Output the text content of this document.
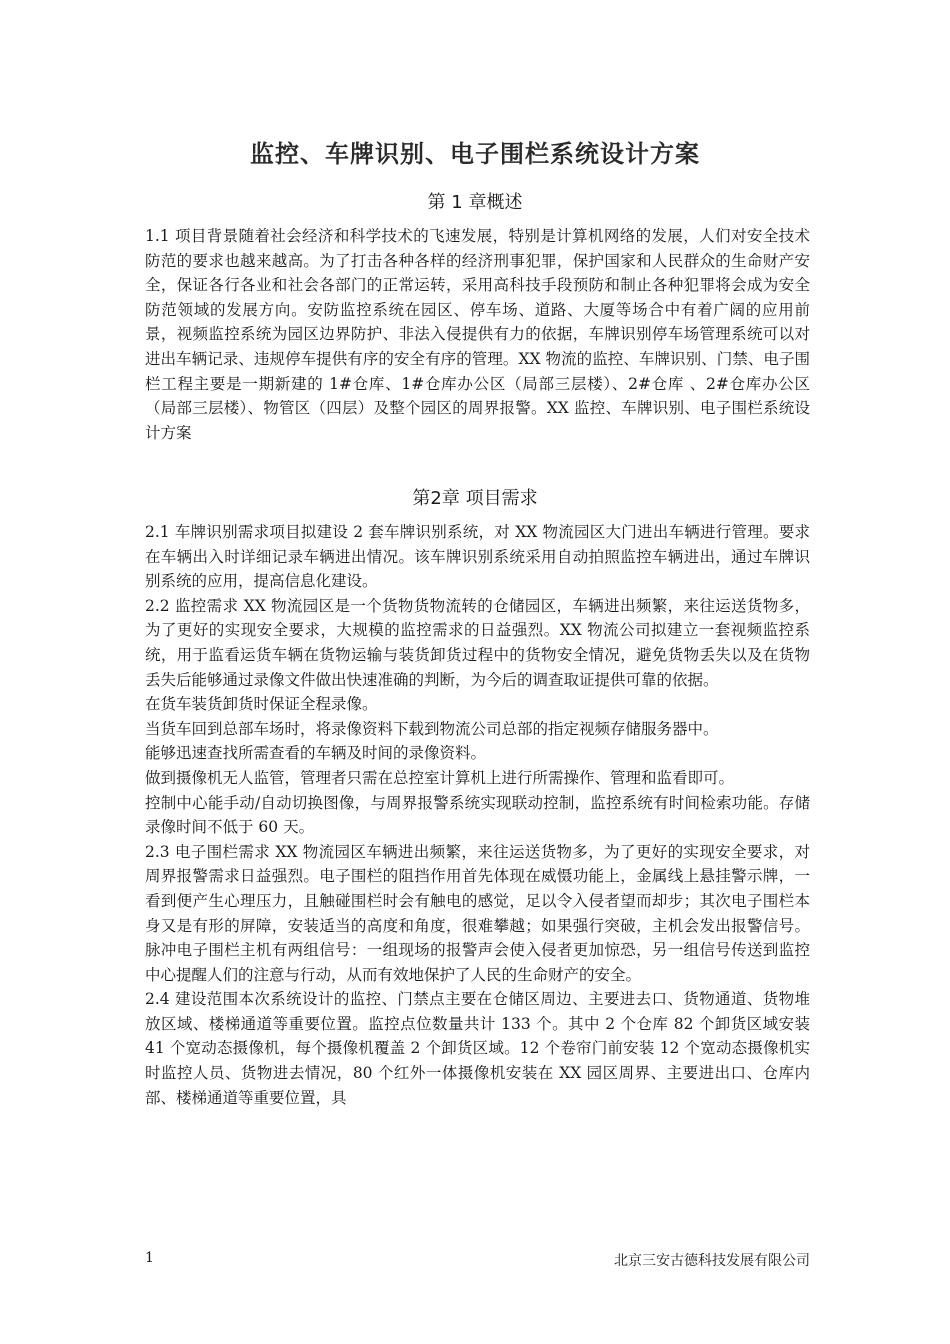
监控、车牌识别、电子围栏系统设计方案
第 1 章概述

1.1 项目背景随着社会经济和科学技术的飞速发展，特别是计算机网络的发展，人们对安全技术防范的要求也越来越高。为了打击各种各样的经济刑事犯罪，保护国家和人民群众的生命财产安全，保证各行各业和社会各部门的正常运转，采用高科技手段预防和制止各种犯罪将会成为安全防范领域的发展方向。安防监控系统在园区、停车场、道路、大厦等场合中有着广阔的应用前景，视频监控系统为园区边界防护、非法入侵提供有力的依据，车牌识别停车场管理系统可以对进出车辆记录、违规停车提供有序的安全有序的管理。XX 物流的监控、车牌识别、门禁、电子围栏工程主要是一期新建的 1#仓库、1#仓库办公区（局部三层楼）、2#仓库 、2#仓库办公区（局部三层楼）、物管区（四层）及整个园区的周界报警。XX 监控、车牌识别、电子围栏系统设计方案

第2章 项目需求

2.1 车牌识别需求项目拟建设 2 套车牌识别系统，对 XX 物流园区大门进出车辆进行管理。要求在车辆出入时详细记录车辆进出情况。该车牌识别系统采用自动拍照监控车辆进出，通过车牌识别系统的应用，提高信息化建设。

2.2 监控需求 XX 物流园区是一个货物货物流转的仓储园区，车辆进出频繁，来往运送货物多，为了更好的实现安全要求，大规模的监控需求的日益强烈。XX 物流公司拟建立一套视频监控系统，用于监看运货车辆在货物运输与装货卸货过程中的货物安全情况，避免货物丢失以及在货物丢失后能够通过录像文件做出快速准确的判断，为今后的调查取证提供可靠的依据。

在货车装货卸货时保证全程录像。

当货车回到总部车场时，将录像资料下载到物流公司总部的指定视频存储服务器中。

能够迅速查找所需查看的车辆及时间的录像资料。

做到摄像机无人监管，管理者只需在总控室计算机上进行所需操作、管理和监看即可。

控制中心能手动/自动切换图像，与周界报警系统实现联动控制，监控系统有时间检索功能。存储录像时间不低于 60 天。

2.3 电子围栏需求 XX 物流园区车辆进出频繁，来往运送货物多，为了更好的实现安全要求，对周界报警需求日益强烈。电子围栏的阻挡作用首先体现在威慑功能上，金属线上悬挂警示牌，一看到便产生心理压力，且触碰围栏时会有触电的感觉，足以令入侵者望而却步；其次电子围栏本身又是有形的屏障，安装适当的高度和角度，很难攀越；如果强行突破，主机会发出报警信号。脉冲电子围栏主机有两组信号：一组现场的报警声会使入侵者更加惊恐，另一组信号传送到监控中心提醒人们的注意与行动，从而有效地保护了人民的生命财产的安全。

2.4 建设范围本次系统设计的监控、门禁点主要在仓储区周边、主要进去口、货物通道、货物堆放区域、楼梯通道等重要位置。监控点位数量共计 133 个。其中 2 个仓库 82 个卸货区域安装 41 个宽动态摄像机，每个摄像机覆盖 2 个卸货区域。12 个卷帘门前安装 12 个宽动态摄像机实时监控人员、货物进去情况，80 个红外一体摄像机安装在 XX 园区周界、主要进出口、仓库内部、楼梯通道等重要位置，具

1	北京三安古德科技发展有限公司
